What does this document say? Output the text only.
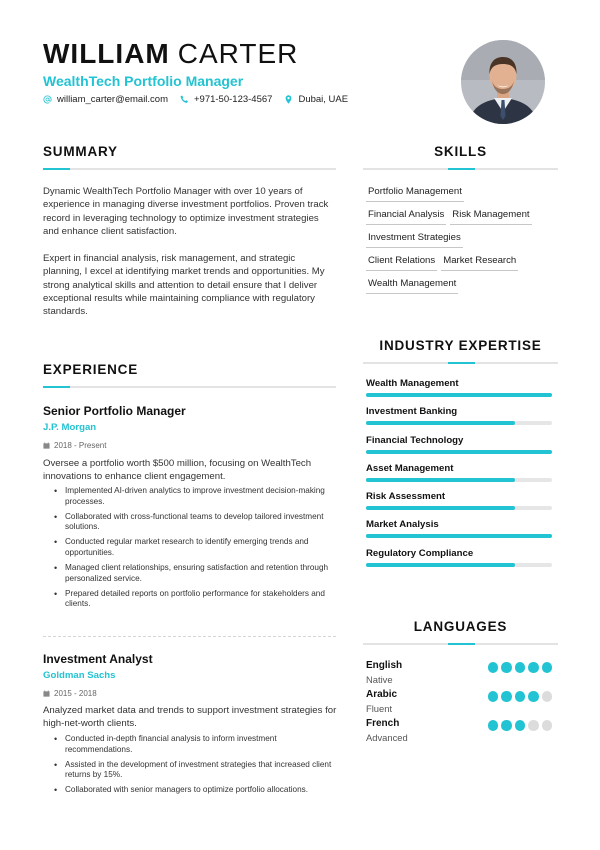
WILLIAM CARTER
WealthTech Portfolio Manager
william_carter@email.com	+971-50-123-4567	Dubai, UAE
SUMMARY
Dynamic WealthTech Portfolio Manager with over 10 years of experience in managing diverse investment portfolios. Proven track record in leveraging technology to optimize investment strategies and enhance client satisfaction.
Expert in financial analysis, risk management, and strategic planning, I excel at identifying market trends and opportunities. My strong analytical skills and attention to detail ensure that I deliver exceptional results while maintaining compliance with regulatory standards.
EXPERIENCE
Senior Portfolio Manager
J.P. Morgan
2018 - Present
Oversee a portfolio worth $500 million, focusing on WealthTech innovations to enhance client engagement.
• Implemented AI-driven analytics to improve investment decision-making processes.
• Collaborated with cross-functional teams to develop tailored investment solutions.
• Conducted regular market research to identify emerging trends and opportunities.
• Managed client relationships, ensuring satisfaction and retention through personalized service.
• Prepared detailed reports on portfolio performance for stakeholders and clients.
Investment Analyst
Goldman Sachs
2015 - 2018
Analyzed market data and trends to support investment strategies for high-net-worth clients.
• Conducted in-depth financial analysis to inform investment recommendations.
• Assisted in the development of investment strategies that increased client returns by 15%.
• Collaborated with senior managers to optimize portfolio allocations.
SKILLS
Portfolio Management
Financial Analysis Risk Management
Investment Strategies
Client Relations Market Research
Wealth Management
INDUSTRY EXPERTISE
Wealth Management
Investment Banking
Financial Technology
Asset Management
Risk Assessment
Market Analysis
Regulatory Compliance
LANGUAGES
English
Native
Arabic
Fluent
French
Advanced
